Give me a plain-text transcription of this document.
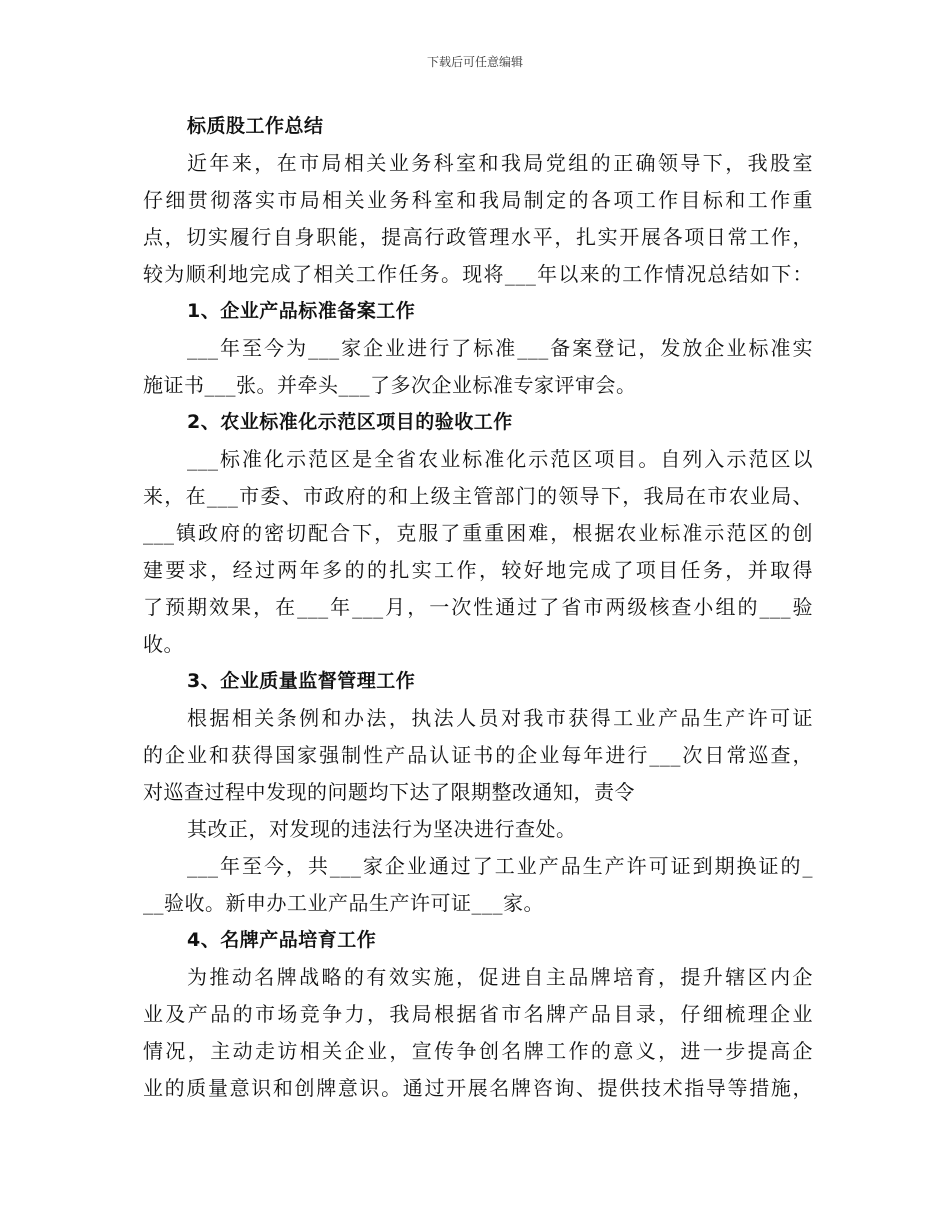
下载后可任意编辑
标质股工作总结
近年来，在市局相关业务科室和我局党组的正确领导下，我股室
仔细贯彻落实市局相关业务科室和我局制定的各项工作目标和工作重
点，切实履行自身职能，提高行政管理水平，扎实开展各项日常工作，
较为顺利地完成了相关工作任务。现将___年以来的工作情况总结如下：
1、企业产品标准备案工作
___年至今为___家企业进行了标准___备案登记，发放企业标准实
施证书___张。并牵头___了多次企业标准专家评审会。
2、农业标准化示范区项目的验收工作
___标准化示范区是全省农业标准化示范区项目。自列入示范区以
来，在___市委、市政府的和上级主管部门的领导下，我局在市农业局、
___镇政府的密切配合下，克服了重重困难，根据农业标准示范区的创
建要求，经过两年多的的扎实工作，较好地完成了项目任务，并取得
了预期效果，在___年___月，一次性通过了省市两级核查小组的___验
收。
3、企业质量监督管理工作
根据相关条例和办法，执法人员对我市获得工业产品生产许可证
的企业和获得国家强制性产品认证书的企业每年进行___次日常巡查，
对巡查过程中发现的问题均下达了限期整改通知，责令
其改正，对发现的违法行为坚决进行查处。
___年至今，共___家企业通过了工业产品生产许可证到期换证的_
__验收。新申办工业产品生产许可证___家。
4、名牌产品培育工作
为推动名牌战略的有效实施，促进自主品牌培育，提升辖区内企
业及产品的市场竞争力，我局根据省市名牌产品目录，仔细梳理企业
情况，主动走访相关企业，宣传争创名牌工作的意义，进一步提高企
业的质量意识和创牌意识。通过开展名牌咨询、提供技术指导等措施，
